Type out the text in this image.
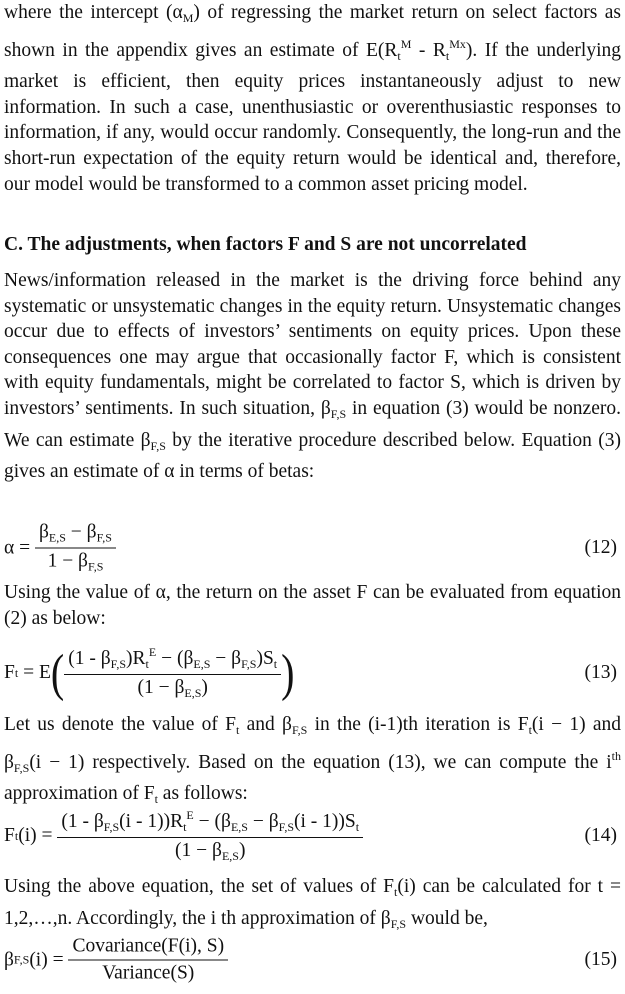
where the intercept $(\alpha_M)$ of regressing the market return on select factors as shown in the appendix gives an estimate of $E(R_t^M - R_t^{Mx})$. If the underlying market is efficient, then equity prices instantaneously adjust to new information. In such a case, unenthusiastic or overenthusiastic responses to information, if any, would occur randomly. Consequently, the long-run and the short-run expectation of the equity return would be identical and, therefore, our model would be transformed to a common asset pricing model.

C. The adjustments, when factors F and S are not uncorrelated

News/information released in the market is the driving force behind any systematic or unsystematic changes in the equity return. Unsystematic changes occur due to effects of investors’ sentiments on equity prices. Upon these consequences one may argue that occasionally factor F, which is consistent with equity fundamentals, might be correlated to factor S, which is driven by investors’ sentiments. In such situation, $\beta_{F,S}$ in equation (3) would be nonzero. We can estimate $\beta_{F,S}$ by the iterative procedure described below. Equation (3) gives an estimate of α in terms of betas:

$\alpha = \frac{\beta_{E,S} - \beta_{F,S}}{1 - \beta_{F,S}}$	(12)

Using the value of α, the return on the asset F can be evaluated from equation (2) as below:

F t = E ( $\frac{(1 - \beta_{F,S})R_t^E - (\beta_{E,S} - \beta_{F,S})S_t}{(1 - \beta_{E,S})}$ )	(13)

Let us denote the value of $F_t$ and $\beta_{F,S}$ in the (i-1)th iteration is $F_t(i - 1)$ and $\beta_{F,S}(i - 1)$ respectively. Based on the equation (13), we can compute the $i^{th}$ approximation of $F_t$ as follows:

F t $(i) = \frac{(1 - \beta_{F,S}(i - 1))R_t^E - (\beta_{E,S} - \beta_{F,S}(i - 1))S_t}{(1 - \beta_{E,S})}$	(14)

Using the above equation, the set of values of $F_t(i)$ can be calculated for t = 1,2,…,n. Accordingly, the i th approximation of $\beta_{F,S}$ would be,

β F,S $(i) = \frac{\text{Covariance(F(i), S)}}{\text{Variance(S)}}$	(15)
